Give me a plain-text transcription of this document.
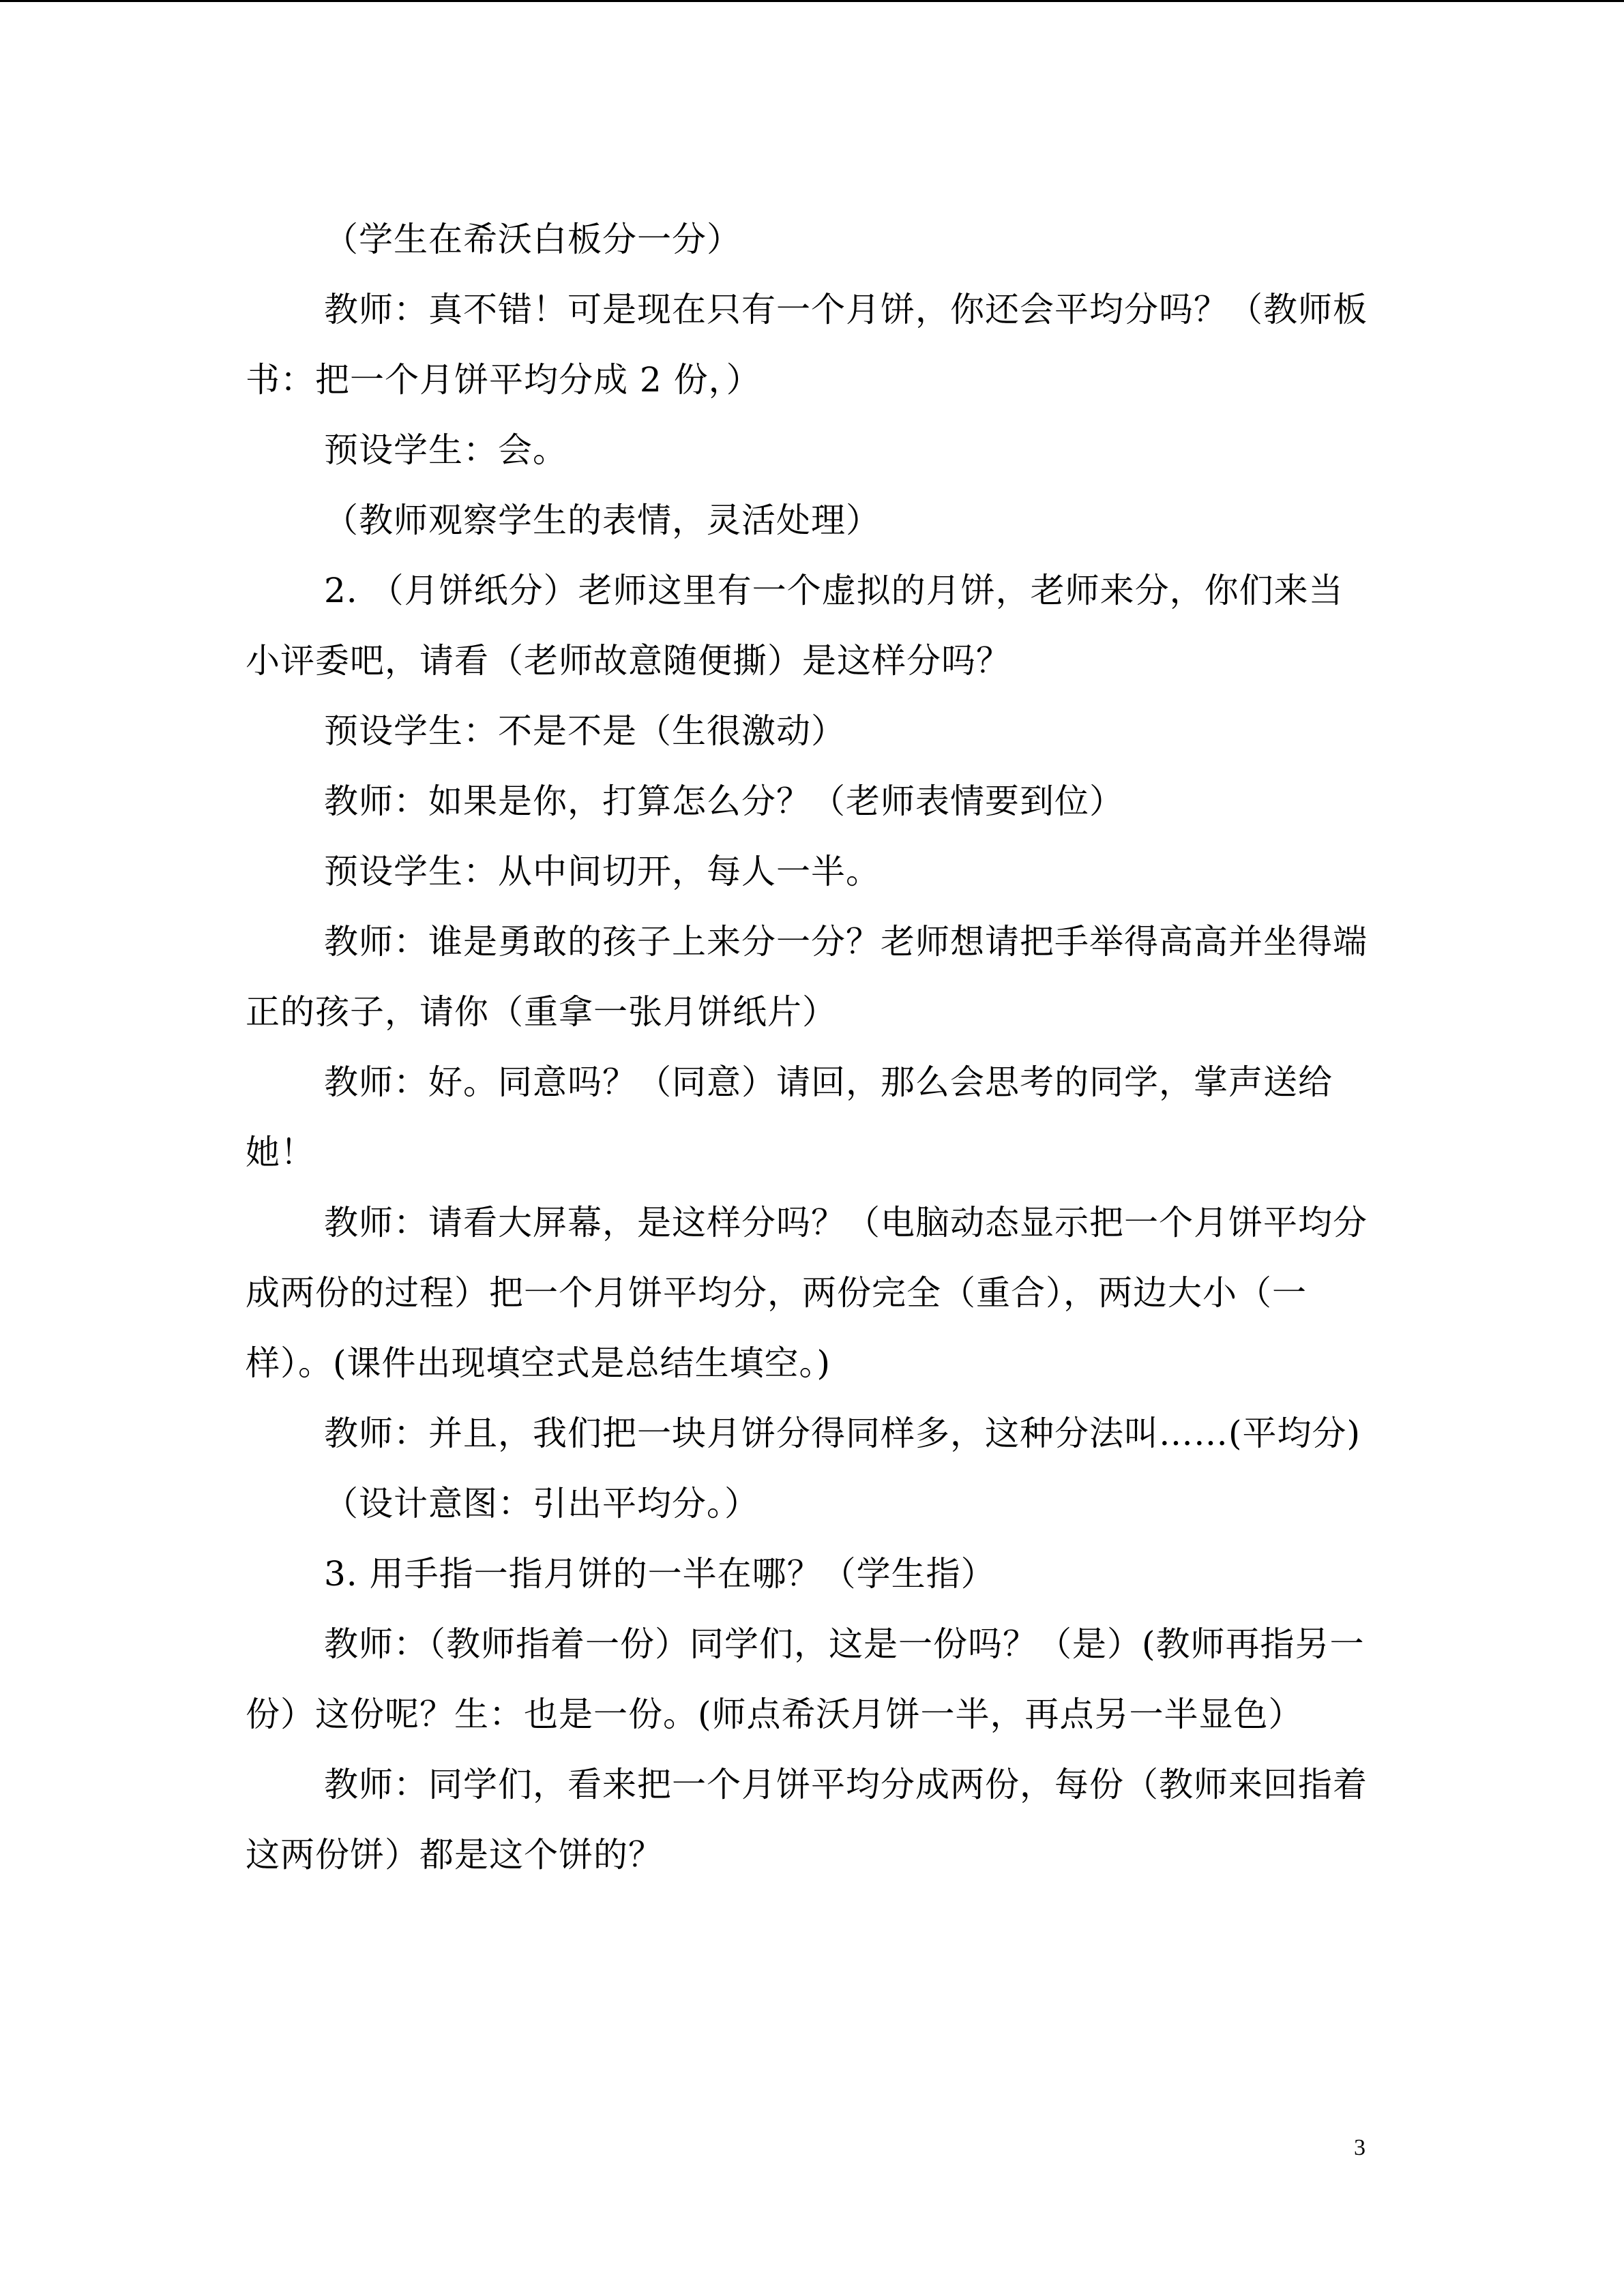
（学生在希沃白板分一分）

教师：真不错！可是现在只有一个月饼，你还会平均分吗？（教师板书：把一个月饼平均分成 2 份，）

预设学生：会。

（教师观察学生的表情，灵活处理）

2. （月饼纸分）老师这里有一个虚拟的月饼，老师来分，你们来当小评委吧，请看（老师故意随便撕）是这样分吗？

预设学生：不是不是（生很激动）

教师：如果是你，打算怎么分？（老师表情要到位）

预设学生：从中间切开，每人一半。

教师：谁是勇敢的孩子上来分一分？老师想请把手举得高高并坐得端正的孩子，请你（重拿一张月饼纸片）

教师：好。同意吗？（同意）请回，那么会思考的同学，掌声送给她！

教师：请看大屏幕，是这样分吗？（电脑动态显示把一个月饼平均分成两份的过程）把一个月饼平均分，两份完全（重合），两边大小（一样）。(课件出现填空式是总结生填空。)

教师：并且，我们把一块月饼分得同样多，这种分法叫……(平均分)

（设计意图：引出平均分。）

3. 用手指一指月饼的一半在哪？（学生指）

教师：（教师指着一份）同学们，这是一份吗？（是）(教师再指另一份）这份呢？生：也是一份。(师点希沃月饼一半，再点另一半显色）

教师：同学们，看来把一个月饼平均分成两份，每份（教师来回指着这两份饼）都是这个饼的？

3
